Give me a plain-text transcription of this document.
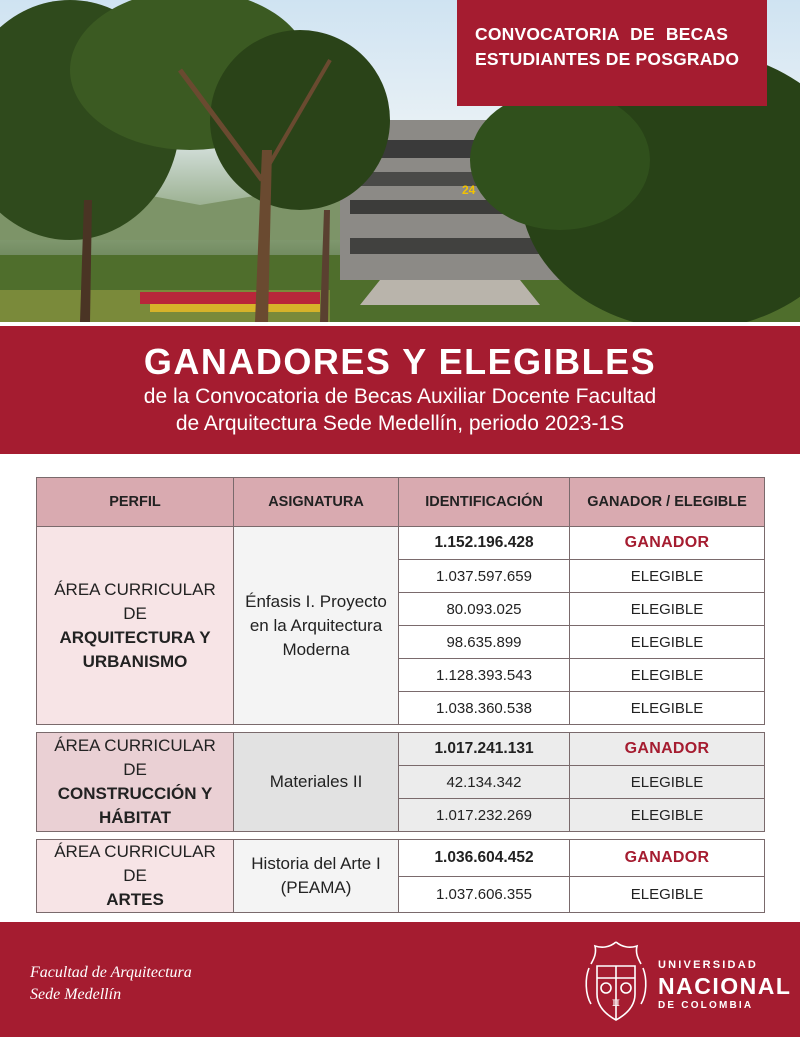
24
CONVOCATORIA DE BECAS
ESTUDIANTES DE POSGRADO
GANADORES Y ELEGIBLES
de la Convocatoria de Becas Auxiliar Docente Facultad
de Arquitectura Sede Medellín, periodo 2023-1S
PERFIL	ASIGNATURA	IDENTIFICACIÓN	GANADOR / ELEGIBLE
ÁREA CURRICULAR DE
ARQUITECTURA Y URBANISMO	Énfasis I. Proyecto en la Arquitectura Moderna	1.152.196.428	GANADOR
		1.037.597.659	ELEGIBLE
		80.093.025	ELEGIBLE
		98.635.899	ELEGIBLE
		1.128.393.543	ELEGIBLE
		1.038.360.538	ELEGIBLE

ÁREA CURRICULAR DE
CONSTRUCCIÓN Y HÁBITAT	Materiales II	1.017.241.131	GANADOR
		42.134.342	ELEGIBLE
		1.017.232.269	ELEGIBLE

ÁREA CURRICULAR DE
ARTES	Historia del Arte I (PEAMA)	1.036.604.452	GANADOR
		1.037.606.355	ELEGIBLE
Facultad de Arquitectura
Sede Medellín	π
UNIVERSIDAD
NACIONAL
DE COLOMBIA
